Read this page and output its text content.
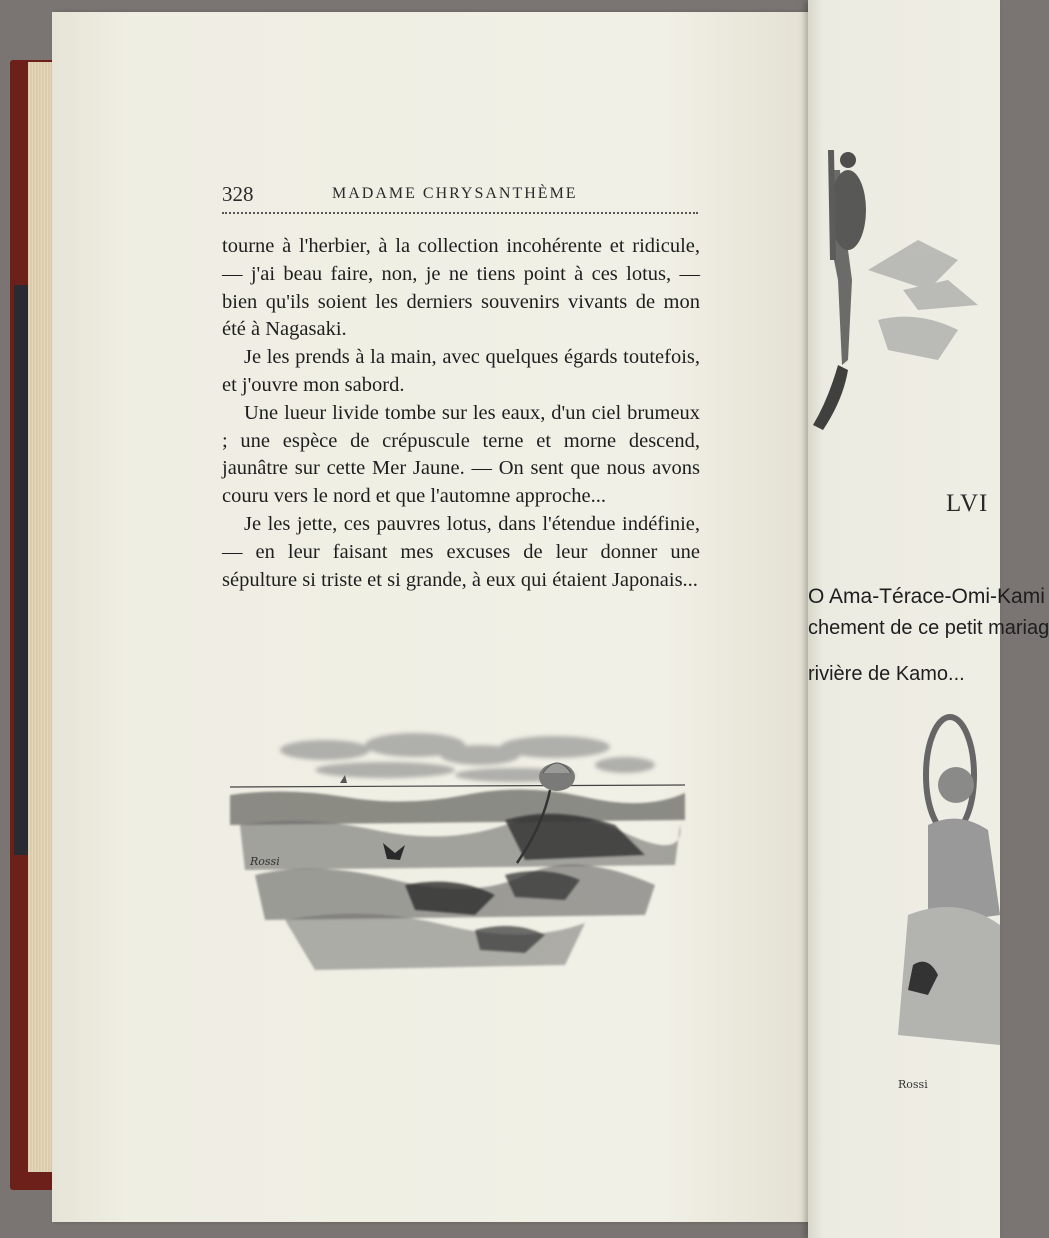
328	MADAME CHRYSANTHÈME

tourne à l'herbier, à la collection incohérente et ridicule, — j'ai beau faire, non, je ne tiens point à ces lotus, — bien qu'ils soient les derniers souvenirs vivants de mon été à Nagasaki.

Je les prends à la main, avec quelques égards toutefois, et j'ouvre mon sabord.

Une lueur livide tombe sur les eaux, d'un ciel brumeux ; une espèce de crépuscule terne et morne descend, jaunâtre sur cette Mer Jaune. — On sent que nous avons couru vers le nord et que l'automne approche...

Je les jette, ces pauvres lotus, dans l'étendue indéfinie, — en leur faisant mes excuses de leur donner une sépulture si triste et si grande, à eux qui étaient Japonais...

Rossi
LVI
O Ama-Térace-Omi-Kami
chement de ce petit mariag
rivière de Kamo...
Rossi
